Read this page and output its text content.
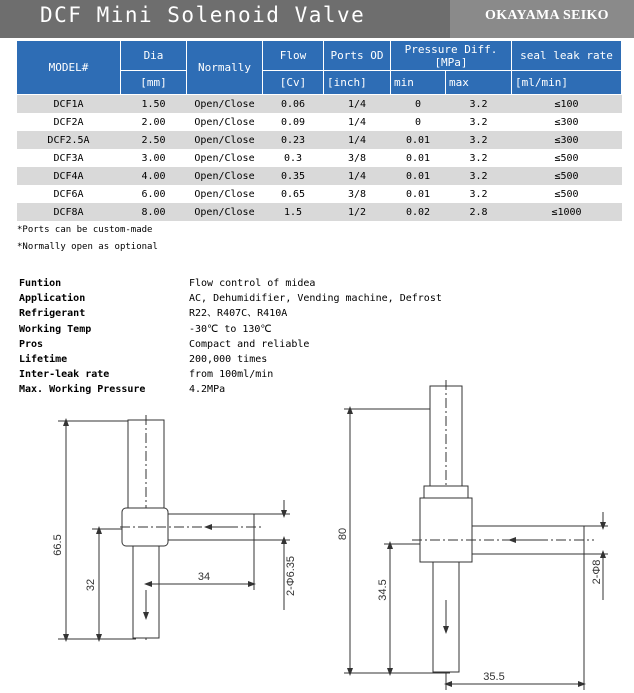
DCF Mini Solenoid Valve	OKAYAMA SEIKO
MODEL#	Dia	Normally	Flow	Ports OD	Pressure Diff.[MPa]		seal leak rate
	[mm]		[Cv]	[inch]	min	max	[ml/min]
DCF1A	1.50	Open/Close	0.06	1/4	0	3.2	≤100
DCF2A	2.00	Open/Close	0.09	1/4	0	3.2	≤300
DCF2.5A	2.50	Open/Close	0.23	1/4	0.01	3.2	≤300
DCF3A	3.00	Open/Close	0.3	3/8	0.01	3.2	≤500
DCF4A	4.00	Open/Close	0.35	1/4	0.01	3.2	≤500
DCF6A	6.00	Open/Close	0.65	3/8	0.01	3.2	≤500
DCF8A	8.00	Open/Close	1.5	1/2	0.02	2.8	≤1000
*Ports can be custom-made
*Normally open as optional
Funtion	Flow control of midea
Application	AC, Dehumidifier, Vending machine, Defrost
Refrigerant	R22、R407C、R410A
Working Temp	-30℃ to 130℃
Pros	Compact and reliable
Lifetime	200,000 times
Inter-leak rate	from 100ml/min
Max. Working Pressure	4.2MPa
66.5
32
34	2-Φ6.35
80
34.5
35.5
2-Φ8
